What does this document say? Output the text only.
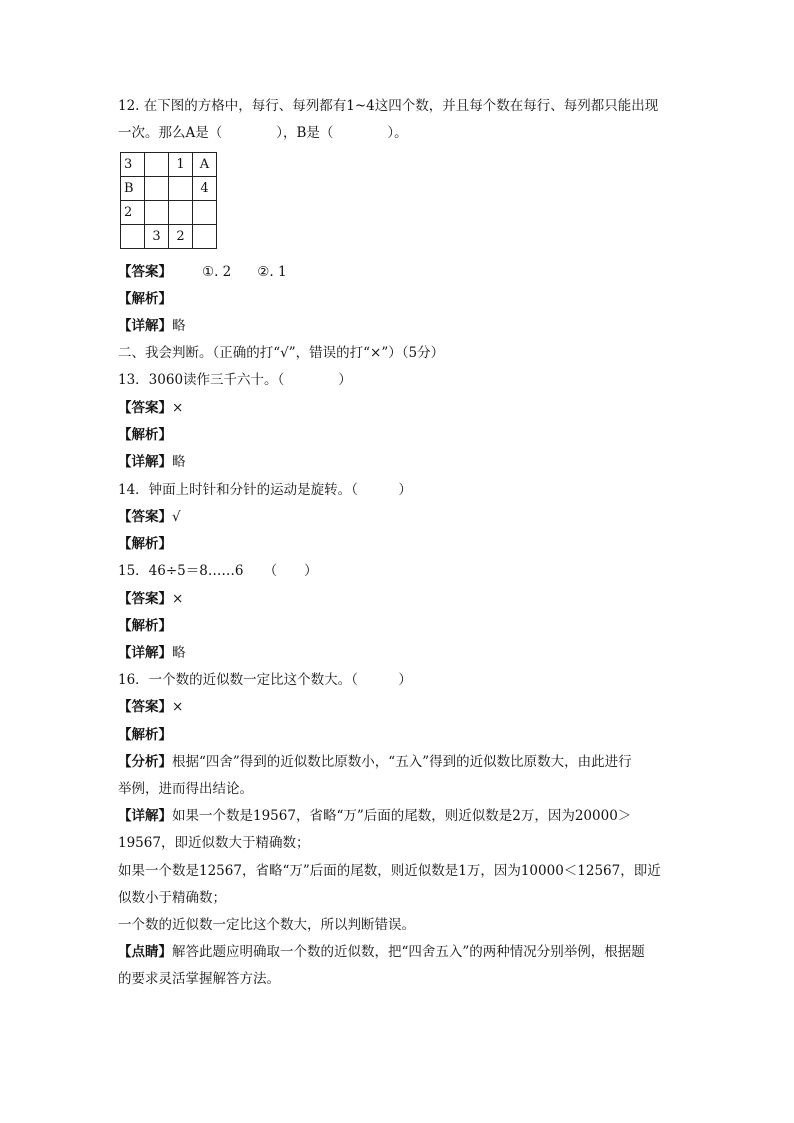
12. 在下图的方格中，每行、每列都有1~4这四个数，并且每个数在每行、每列都只能出现
一次。那么A是（　　　　），B是（　　　　）。
3		1	A
B			4
2			
	3	2	
【答案】 ①. 2 ②. 1
【解析】
【详解】略
二、我会判断。（正确的打“√”，错误的打“×”）（5分）
13．3060读作三千六十。（　　　　）
【答案】×
【解析】
【详解】略
14．钟面上时针和分针的运动是旋转。（　　　）
【答案】√
【解析】
15．46÷5＝8……6　　（　　）
【答案】×
【解析】
【详解】略
16．一个数的近似数一定比这个数大。（　　　）
【答案】×
【解析】
【分析】根据“四舍”得到的近似数比原数小，“五入”得到的近似数比原数大，由此进行
举例，进而得出结论。
【详解】如果一个数是19567，省略“万”后面的尾数，则近似数是2万，因为20000＞
19567，即近似数大于精确数；
如果一个数是12567，省略“万”后面的尾数，则近似数是1万，因为10000＜12567，即近
似数小于精确数；
一个数的近似数一定比这个数大，所以判断错误。
【点睛】解答此题应明确取一个数的近似数，把“四舍五入”的两种情况分别举例，根据题
的要求灵活掌握解答方法。
